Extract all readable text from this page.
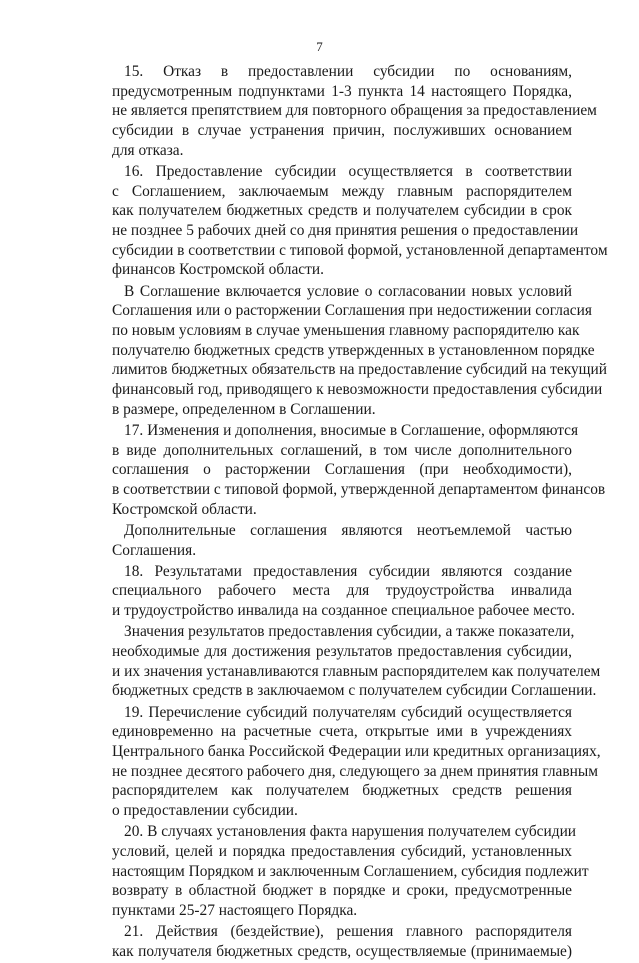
7
15. Отказ в предоставлении субсидии по основаниям,
предусмотренным подпунктами 1-3 пункта 14 настоящего Порядка,
не является препятствием для повторного обращения за предоставлением
субсидии в случае устранения причин, послуживших основанием
для отказа.
16. Предоставление субсидии осуществляется в соответствии
с Соглашением, заключаемым между главным распорядителем
как получателем бюджетных средств и получателем субсидии в срок
не позднее 5 рабочих дней со дня принятия решения о предоставлении
субсидии в соответствии с типовой формой, установленной департаментом
финансов Костромской области.
В Соглашение включается условие о согласовании новых условий
Соглашения или о расторжении Соглашения при недостижении согласия
по новым условиям в случае уменьшения главному распорядителю как
получателю бюджетных средств утвержденных в установленном порядке
лимитов бюджетных обязательств на предоставление субсидий на текущий
финансовый год, приводящего к невозможности предоставления субсидии
в размере, определенном в Соглашении.
17. Изменения и дополнения, вносимые в Соглашение, оформляются
в виде дополнительных соглашений, в том числе дополнительного
соглашения о расторжении Соглашения (при необходимости),
в соответствии с типовой формой, утвержденной департаментом финансов
Костромской области.
Дополнительные соглашения являются неотъемлемой частью
Соглашения.
18. Результатами предоставления субсидии являются создание
специального рабочего места для трудоустройства инвалида
и трудоустройство инвалида на созданное специальное рабочее место.
Значения результатов предоставления субсидии, а также показатели,
необходимые для достижения результатов предоставления субсидии,
и их значения устанавливаются главным распорядителем как получателем
бюджетных средств в заключаемом с получателем субсидии Соглашении.
19. Перечисление субсидий получателям субсидий осуществляется
единовременно на расчетные счета, открытые ими в учреждениях
Центрального банка Российской Федерации или кредитных организациях,
не позднее десятого рабочего дня, следующего за днем принятия главным
распорядителем как получателем бюджетных средств решения
о предоставлении субсидии.
20. В случаях установления факта нарушения получателем субсидии
условий, целей и порядка предоставления субсидий, установленных
настоящим Порядком и заключенным Соглашением, субсидия подлежит
возврату в областной бюджет в порядке и сроки, предусмотренные
пунктами 25-27 настоящего Порядка.
21. Действия (бездействие), решения главного распорядителя
как получателя бюджетных средств, осуществляемые (принимаемые)
